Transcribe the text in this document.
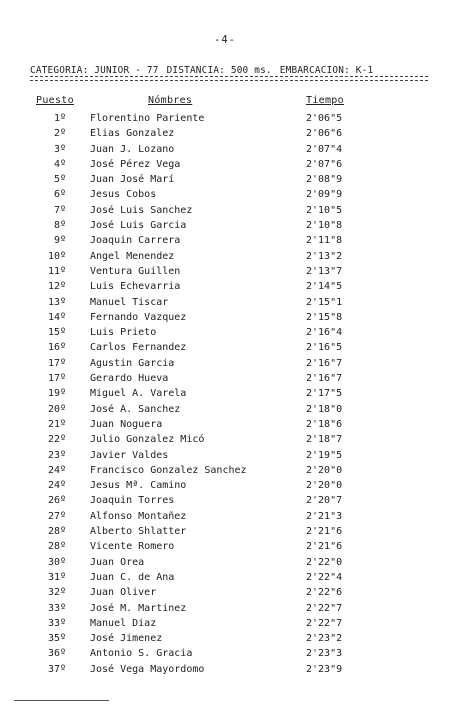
-4-
CATEGORIA: JUNIOR - 77 DISTANCIA: 500 ms. EMBARCACION: K-1
Puesto	Nómbres	Tiempo
1º Florentino Pariente	2'06"5
2º Elias Gonzalez	2'06"6
3º Juan J. Lozano	2'07"4
4º José Pérez Vega	2'07"6
5º Juan José Marí	2'08"9
6º Jesus Cobos	2'09"9
7º José Luis Sanchez	2'10"5
8º José Luis Garcia	2'10"8
9º Joaquin Carrera	2'11"8
10º Angel Menendez	2'13"2
11º Ventura Guillen	2'13"7
12º Luis Echevarria	2'14"5
13º Manuel Tiscar	2'15"1
14º Fernando Vazquez	2'15"8
15º Luis Prieto	2'16"4
16º Carlos Fernandez	2'16"5
17º Agustin Garcia	2'16"7
17º Gerardo Hueva	2'16"7
19º Miguel A. Varela	2'17"5
20º José A. Sanchez	2'18"0
21º Juan Noguera	2'18"6
22º Julio Gonzalez Micó	2'18"7
23º Javier Valdes	2'19"5
24º Francisco Gonzalez Sanchez	2'20"0
24º Jesus Mª. Camino	2'20"0
26º Joaquin Torres	2'20"7
27º Alfonso Montañez	2'21"3
28º Alberto Shlatter	2'21"6
28º Vicente Romero	2'21"6
30º Juan Orea	2'22"0
31º Juan C. de Ana	2'22"4
32º Juan Oliver	2'22"6
33º José M. Martinez	2'22"7
33º Manuel Diaz	2'22"7
35º José Jimenez	2'23"2
36º Antonio S. Gracia	2'23"3
37º José Vega Mayordomo	2'23"9
